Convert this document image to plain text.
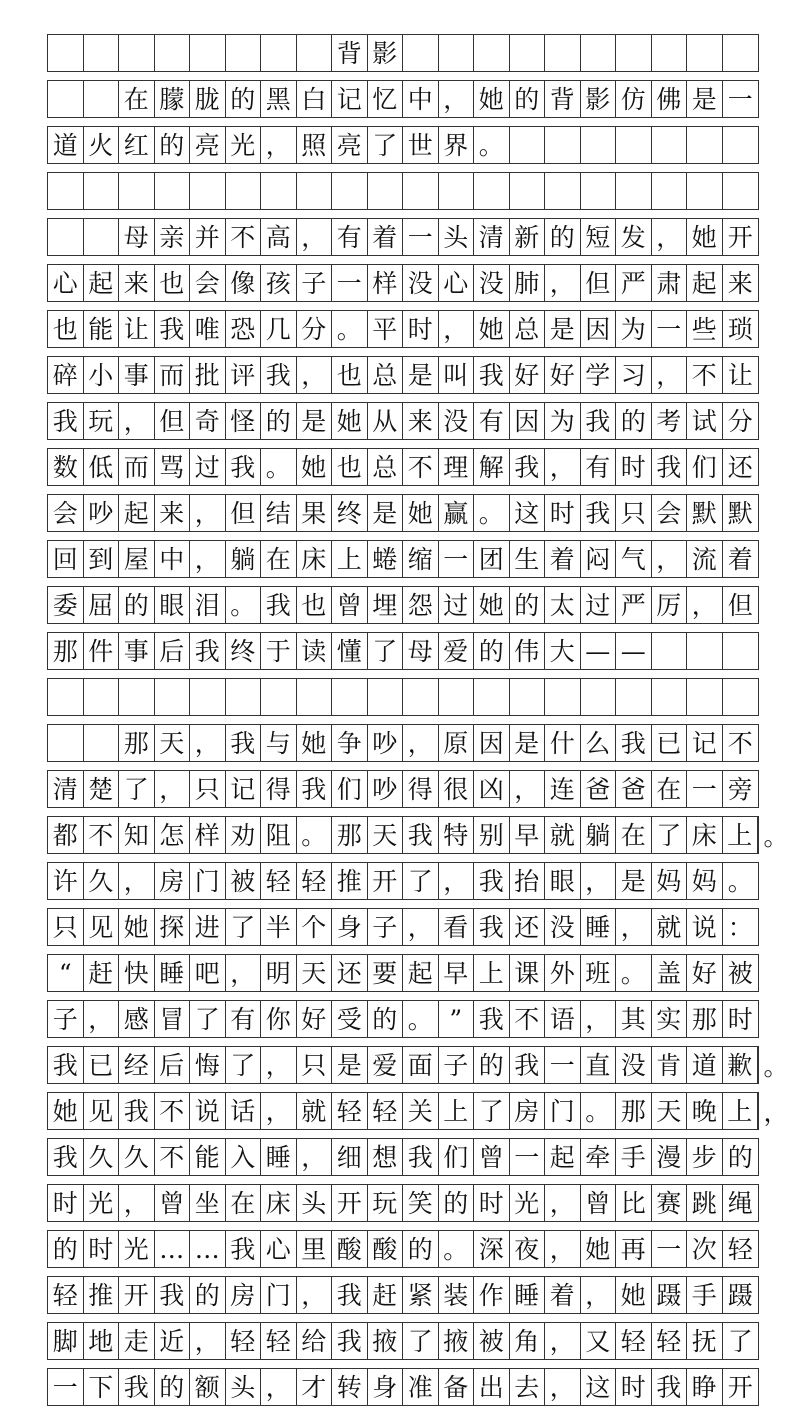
背 影
在 朦 胧 的 黑 白 记 忆 中 ， 她 的 背 影 仿 佛 是 一
道 火 红 的 亮 光 ， 照 亮 了 世 界 。
母 亲 并 不 高 ， 有 着 一 头 清 新 的 短 发 ， 她 开
心 起 来 也 会 像 孩 子 一 样 没 心 没 肺 ， 但 严 肃 起 来
也 能 让 我 唯 恐 几 分 。 平 时 ， 她 总 是 因 为 一 些 琐
碎 小 事 而 批 评 我 ， 也 总 是 叫 我 好 好 学 习 ， 不 让
我 玩 ， 但 奇 怪 的 是 她 从 来 没 有 因 为 我 的 考 试 分
数 低 而 骂 过 我 。 她 也 总 不 理 解 我 ， 有 时 我 们 还
会 吵 起 来 ， 但 结 果 终 是 她 赢 。 这 时 我 只 会 默 默
回 到 屋 中 ， 躺 在 床 上 蜷 缩 一 团 生 着 闷 气 ， 流 着
委 屈 的 眼 泪 。 我 也 曾 埋 怨 过 她 的 太 过 严 厉 ， 但
那 件 事 后 我 终 于 读 懂 了 母 爱 的 伟 大 — —
那 天 ， 我 与 她 争 吵 ， 原 因 是 什 么 我 已 记 不
清 楚 了 ， 只 记 得 我 们 吵 得 很 凶 ， 连 爸 爸 在 一 旁
都 不 知 怎 样 劝 阻 。 那 天 我 特 别 早 就 躺 在 了 床 上 。
许 久 ， 房 门 被 轻 轻 推 开 了 ， 我 抬 眼 ， 是 妈 妈 。
只 见 她 探 进 了 半 个 身 子 ， 看 我 还 没 睡 ， 就 说 ：
“ 赶 快 睡 吧 ， 明 天 还 要 起 早 上 课 外 班 。 盖 好 被
子 ， 感 冒 了 有 你 好 受 的 。 ” 我 不 语 ， 其 实 那 时
我 已 经 后 悔 了 ， 只 是 爱 面 子 的 我 一 直 没 肯 道 歉 。
她 见 我 不 说 话 ， 就 轻 轻 关 上 了 房 门 。 那 天 晚 上 ，
我 久 久 不 能 入 睡 ， 细 想 我 们 曾 一 起 牵 手 漫 步 的
时 光 ， 曾 坐 在 床 头 开 玩 笑 的 时 光 ， 曾 比 赛 跳 绳
的 时 光 … … 我 心 里 酸 酸 的 。 深 夜 ， 她 再 一 次 轻
轻 推 开 我 的 房 门 ， 我 赶 紧 装 作 睡 着 ， 她 蹑 手 蹑
脚 地 走 近 ， 轻 轻 给 我 掖 了 掖 被 角 ， 又 轻 轻 抚 了
一 下 我 的 额 头 ， 才 转 身 准 备 出 去 ， 这 时 我 睁 开
